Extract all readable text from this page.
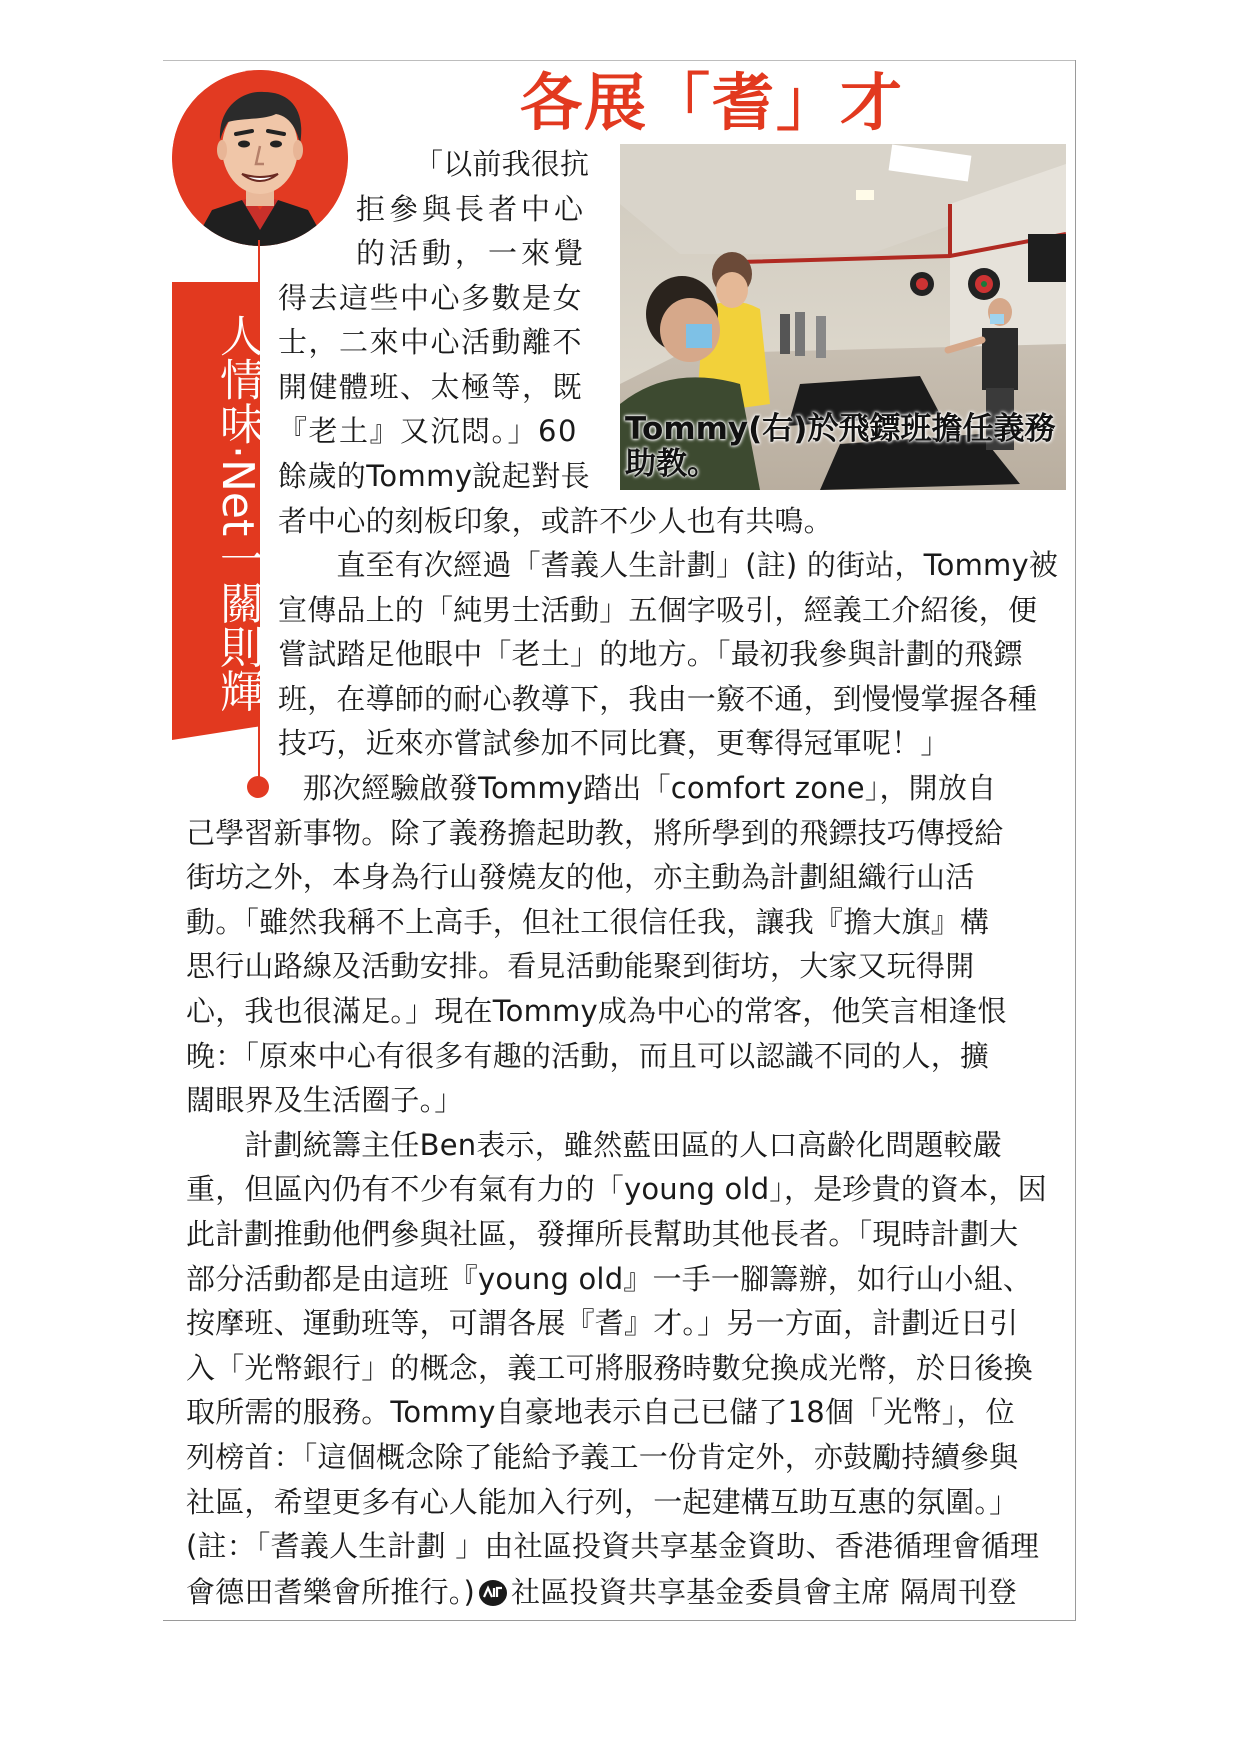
人情味·Net一關則輝
各展「耆」才
Tommy(右)於飛鏢班擔任義務助教。
「以前我很抗
拒參與長者中心
的活動，一來覺
得去這些中心多數是女
士，二來中心活動離不
開健體班、太極等，既
『老土』又沉悶。」60
餘歲的Tommy說起對長
者中心的刻板印象，或許不少人也有共鳴。
　　直至有次經過「耆義人生計劃」(註) 的街站，Tommy被
宣傳品上的「純男士活動」五個字吸引，經義工介紹後，便
嘗試踏足他眼中「老土」的地方。「最初我參與計劃的飛鏢
班，在導師的耐心教導下，我由一竅不通，到慢慢掌握各種
技巧，近來亦嘗試參加不同比賽，更奪得冠軍呢！」
　　　　那次經驗啟發Tommy踏出「comfort zone」，開放自
己學習新事物。除了義務擔起助教，將所學到的飛鏢技巧傳授給
街坊之外，本身為行山發燒友的他，亦主動為計劃組織行山活
動。「雖然我稱不上高手，但社工很信任我，讓我『擔大旗』構
思行山路線及活動安排。看見活動能聚到街坊，大家又玩得開
心，我也很滿足。」現在Tommy成為中心的常客，他笑言相逢恨
晚：「原來中心有很多有趣的活動，而且可以認識不同的人，擴
闊眼界及生活圈子。」
　　計劃統籌主任Ben表示，雖然藍田區的人口高齡化問題較嚴
重，但區內仍有不少有氣有力的「young old」，是珍貴的資本，因
此計劃推動他們參與社區，發揮所長幫助其他長者。「現時計劃大
部分活動都是由這班『young old』一手一腳籌辦，如行山小組、
按摩班、運動班等，可謂各展『耆』才。」另一方面，計劃近日引
入「光幣銀行」的概念，義工可將服務時數兌換成光幣，於日後換
取所需的服務。Tommy自豪地表示自己已儲了18個「光幣」，位
列榜首：「這個概念除了能給予義工一份肯定外，亦鼓勵持續參與
社區，希望更多有心人能加入行列，一起建構互助互惠的氛圍。」
(註：「耆義人生計劃 」由社區投資共享基金資助、香港循理會循理
會德田耆樂會所推行。) 社區投資共享基金委員會主席 隔周刊登
